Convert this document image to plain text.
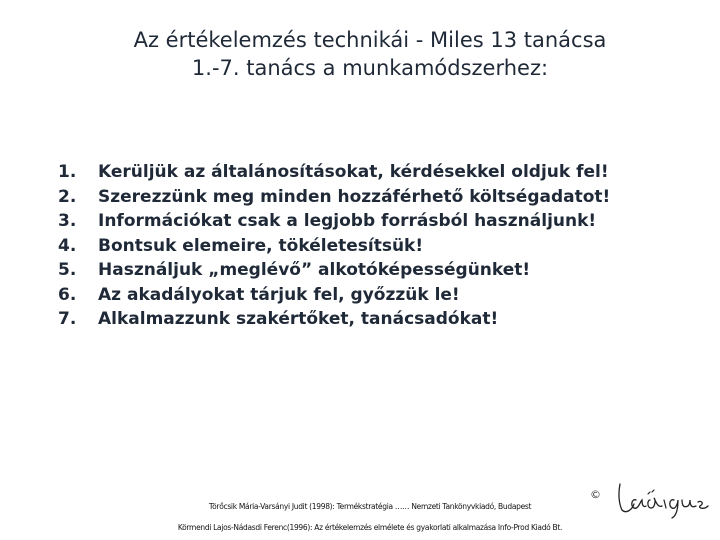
Az értékelemzés technikái - Miles 13 tanácsa
1.-7. tanács a munkamódszerhez:
1.	Kerüljük az általánosításokat, kérdésekkel oldjuk fel!
2.	Szerezzünk meg minden hozzáférhető költségadatot!
3.	Információkat csak a legjobb forrásból használjunk!
4.	Bontsuk elemeire, tökéletesítsük!
5.	Használjuk „meglévő” alkotóképességünket!
6.	Az akadályokat tárjuk fel, győzzük le!
7.	Alkalmazzunk szakértőket, tanácsadókat!
Törőcsik Mária-Varsányi Judit (1998): Termékstratégia …… Nemzeti Tankönyvkiadó, Budapest
Körmendi Lajos-Nádasdi Ferenc(1996): Az értékelemzés elmélete és gyakorlati alkalmazása Info-Prod Kiadó Bt.
©
